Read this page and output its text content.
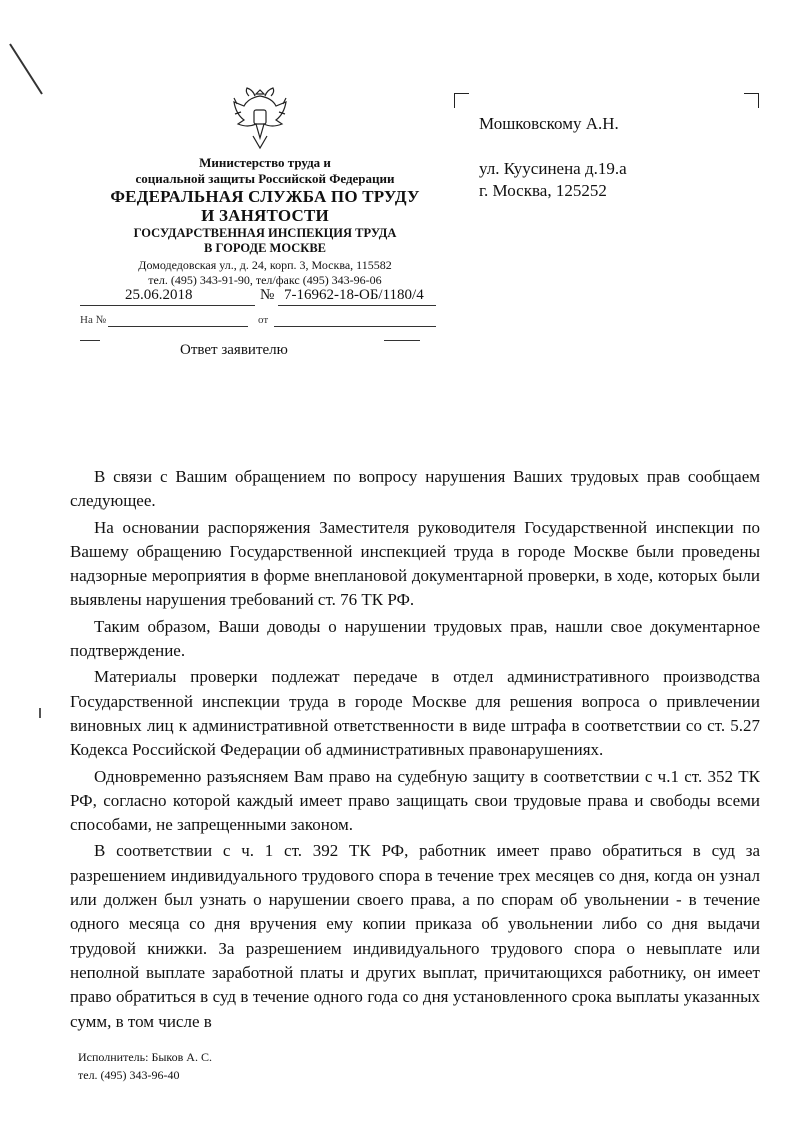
Министерство труда и
социальной защиты Российской Федерации
ФЕДЕРАЛЬНАЯ СЛУЖБА ПО ТРУДУ
И ЗАНЯТОСТИ
ГОСУДАРСТВЕННАЯ ИНСПЕКЦИЯ ТРУДА
В ГОРОДЕ МОСКВЕ
Домодедовская ул., д. 24, корп. 3, Москва, 115582
тел. (495) 343-91-90, тел/факс (495) 343-96-06
25.06.2018	№ 7-16962-18-ОБ/1180/4
На №	от
Мошковскому А.Н.
ул. Куусинена д.19.а
г. Москва, 125252
Ответ заявителю

В связи с Вашим обращением по вопросу нарушения Ваших трудовых прав сообщаем следующее.

На основании распоряжения Заместителя руководителя Государственной инспекции по Вашему обращению Государственной инспекцией труда в городе Москве были проведены надзорные мероприятия в форме внеплановой документарной проверки, в ходе, которых были выявлены нарушения требований ст. 76 ТК РФ.

Таким образом, Ваши доводы о нарушении трудовых прав, нашли свое документарное подтверждение.

Материалы проверки подлежат передаче в отдел административного производства Государственной инспекции труда в городе Москве для решения вопроса о привлечении виновных лиц к административной ответственности в виде штрафа в соответствии со ст. 5.27 Кодекса Российской Федерации об административных правонарушениях.

Одновременно разъясняем Вам право на судебную защиту в соответствии с ч.1 ст. 352 ТК РФ, согласно которой каждый имеет право защищать свои трудовые права и свободы всеми способами, не запрещенными законом.

В соответствии с ч. 1 ст. 392 ТК РФ, работник имеет право обратиться в суд за разрешением индивидуального трудового спора в течение трех месяцев со дня, когда он узнал или должен был узнать о нарушении своего права, а по спорам об увольнении - в течение одного месяца со дня вручения ему копии приказа об увольнении либо со дня выдачи трудовой книжки. За разрешением индивидуального трудового спора о невыплате или неполной выплате заработной платы и других выплат, причитающихся работнику, он имеет право обратиться в суд в течение одного года со дня установленного срока выплаты указанных сумм, в том числе в

Исполнитель: Быков А. С.
тел. (495) 343-96-40
